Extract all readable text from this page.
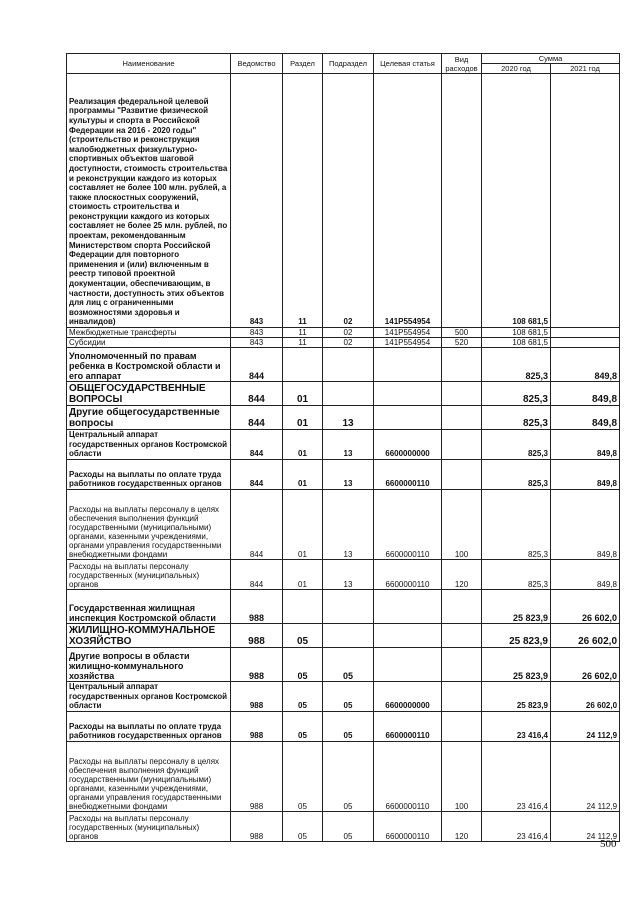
Наименование	Ведомство	Раздел	Подраздел	Целевая статья	Вид расходов	Сумма	
						2020 год	2021 год
Реализация федеральной целевой программы "Развитие физической культуры и спорта в Российской Федерации на 2016 - 2020 годы" (строительство и реконструкция малобюджетных физкультурно-спортивных объектов шаговой доступности, стоимость строительства и реконструкции каждого из которых составляет не более 100 млн. рублей, а также плоскостных сооружений, стоимость строительства и реконструкции каждого из которых составляет не более 25 млн. рублей, по проектам, рекомендованным Министерством спорта Российской Федерации для повторного применения и (или) включенным в реестр типовой проектной документации, обеспечивающим, в частности, доступность этих объектов для лиц с ограниченными возможностями здоровья и инвалидов)	843	11	02	141P554954		108 681,5	
Межбюджетные трансферты	843	11	02	141P554954	500	108 681,5	
Субсидии	843	11	02	141P554954	520	108 681,5	
Уполномоченный по правам ребенка в Костромской области и его аппарат	844					825,3	849,8
ОБЩЕГОСУДАРСТВЕННЫЕ ВОПРОСЫ	844	01				825,3	849,8
Другие общегосударственные вопросы	844	01	13			825,3	849,8
Центральный аппарат государственных органов Костромской области	844	01	13	6600000000		825,3	849,8
Расходы на выплаты по оплате труда работников государственных органов	844	01	13	6600000110		825,3	849,8
Расходы на выплаты персоналу в целях обеспечения выполнения функций государственными (муниципальными) органами, казенными учреждениями, органами управления государственными внебюджетными фондами	844	01	13	6600000110	100	825,3	849,8
Расходы на выплаты персоналу государственных (муниципальных) органов	844	01	13	6600000110	120	825,3	849,8
Государственная жилищная инспекция Костромской области	988					25 823,9	26 602,0
ЖИЛИЩНО-КОММУНАЛЬНОЕ ХОЗЯЙСТВО	988	05				25 823,9	26 602,0
Другие вопросы в области жилищно-коммунального хозяйства	988	05	05			25 823,9	26 602,0
Центральный аппарат государственных органов Костромской области	988	05	05	6600000000		25 823,9	26 602,0
Расходы на выплаты по оплате труда работников государственных органов	988	05	05	6600000110		23 416,4	24 112,9
Расходы на выплаты персоналу в целях обеспечения выполнения функций государственными (муниципальными) органами, казенными учреждениями, органами управления государственными внебюджетными фондами	988	05	05	6600000110	100	23 416,4	24 112,9
Расходы на выплаты персоналу государственных (муниципальных) органов	988	05	05	6600000110	120	23 416,4	24 112,9
500
